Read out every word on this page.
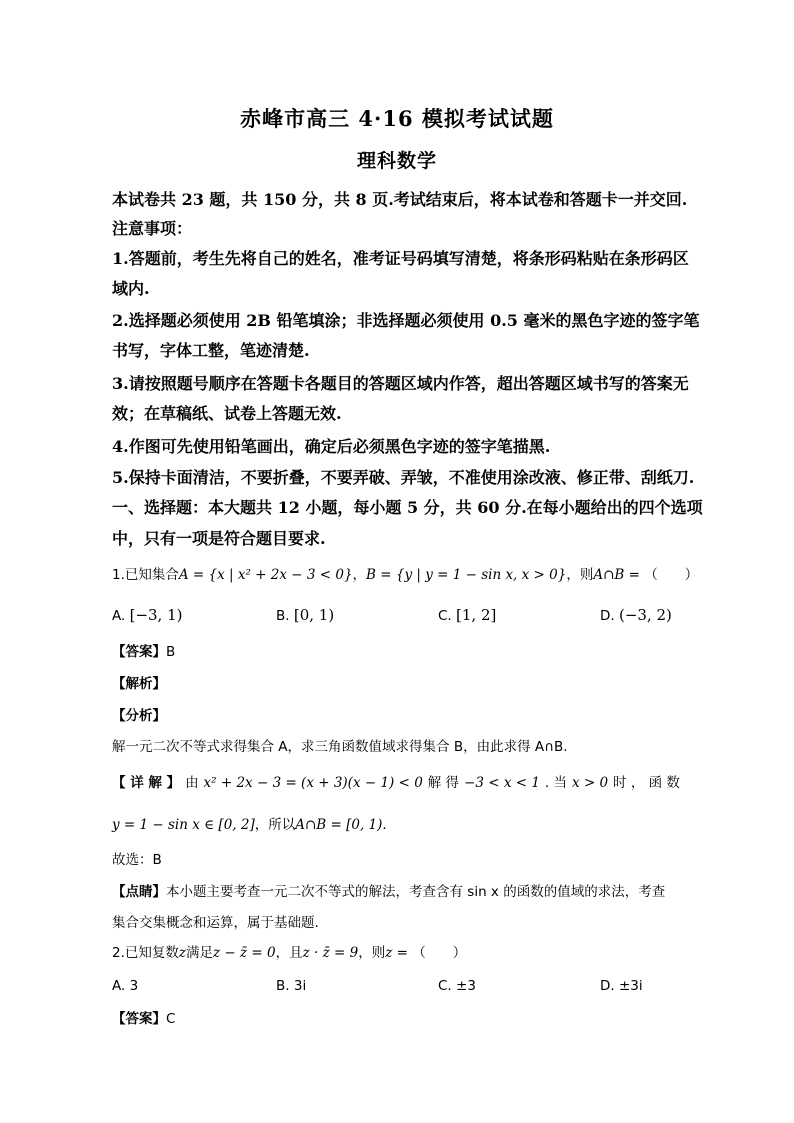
赤峰市高三 4·16 模拟考试试题
理科数学
本试卷共 23 题，共 150 分，共 8 页.考试结束后，将本试卷和答题卡一并交回.
注意事项：
1.答题前，考生先将自己的姓名，准考证号码填写清楚，将条形码粘贴在条形码区
域内.
2.选择题必须使用 2B 铅笔填涂；非选择题必须使用 0.5 毫米的黑色字迹的签字笔
书写，字体工整，笔迹清楚.
3.请按照题号顺序在答题卡各题目的答题区域内作答，超出答题区域书写的答案无
效；在草稿纸、试卷上答题无效.
4.作图可先使用铅笔画出，确定后必须黑色字迹的签字笔描黑.
5.保持卡面清洁，不要折叠，不要弄破、弄皱，不准使用涂改液、修正带、刮纸刀.
一、选择题：本大题共 12 小题，每小题 5 分，共 60 分.在每小题给出的四个选项
中，只有一项是符合题目要求.
1.已知集合A = {x | x² + 2x − 3 < 0}，B = {y | y = 1 − sin x, x > 0}，则A∩B = （　　）
A. [−3, 1)	B. [0, 1)	C. [1, 2]	D. (−3, 2)
【答案】B
【解析】
【分析】
解一元二次不等式求得集合 A，求三角函数值域求得集合 B，由此求得 A∩B.
【 详 解 】 由 x² + 2x − 3 = (x + 3)(x − 1) < 0 解 得 −3 < x < 1 . 当 x > 0 时 ， 函 数
y = 1 − sin x ∈ [0, 2]，所以A∩B = [0, 1).
故选：B
【点睛】本小题主要考查一元二次不等式的解法，考查含有 sin x 的函数的值域的求法，考查
集合交集概念和运算，属于基础题.
2.已知复数z满足z − z̄ = 0，且z · z̄ = 9，则z = （　　）
A. 3	B. 3i	C. ±3	D. ±3i
【答案】C
